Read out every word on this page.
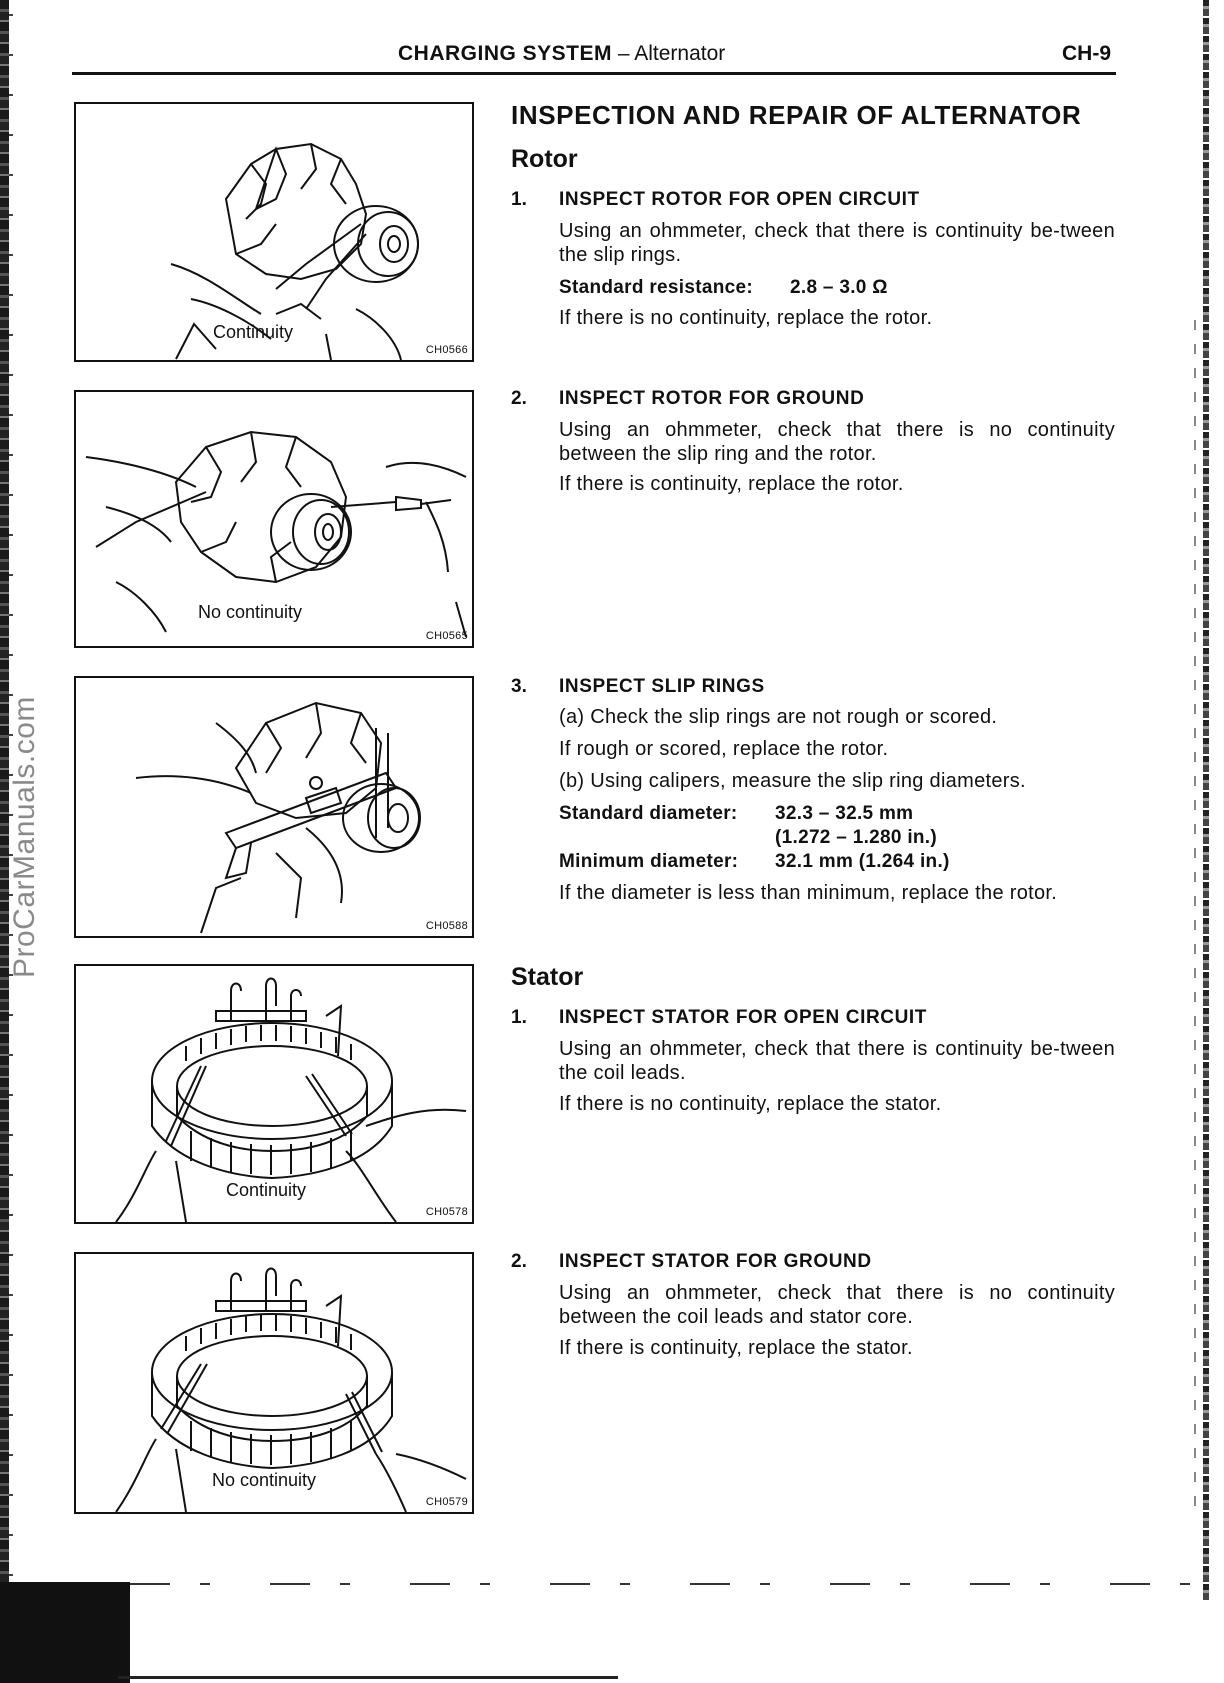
ProCarManuals.com
CHARGING SYSTEM – Alternator	CH-9
Continuity
CH0566
No continuity
CH0565
CH0588
Continuity
CH0578
No continuity
CH0579
INSPECTION AND REPAIR OF ALTERNATOR
Rotor
1. INSPECT ROTOR FOR OPEN CIRCUIT
Using an ohmmeter, check that there is continuity be-tween the slip rings.
Standard resistance: 2.8 – 3.0 Ω
If there is no continuity, replace the rotor.
2. INSPECT ROTOR FOR GROUND
Using an ohmmeter, check that there is no continuity between the slip ring and the rotor.
If there is continuity, replace the rotor.
3. INSPECT SLIP RINGS
(a) Check the slip rings are not rough or scored.
If rough or scored, replace the rotor.
(b) Using calipers, measure the slip ring diameters.
Standard diameter: 32.3 – 32.5 mm
(1.272 – 1.280 in.)
Minimum diameter: 32.1 mm (1.264 in.)
If the diameter is less than minimum, replace the rotor.
Stator
1. INSPECT STATOR FOR OPEN CIRCUIT
Using an ohmmeter, check that there is continuity be-tween the coil leads.
If there is no continuity, replace the stator.
2. INSPECT STATOR FOR GROUND
Using an ohmmeter, check that there is no continuity between the coil leads and stator core.
If there is continuity, replace the stator.
